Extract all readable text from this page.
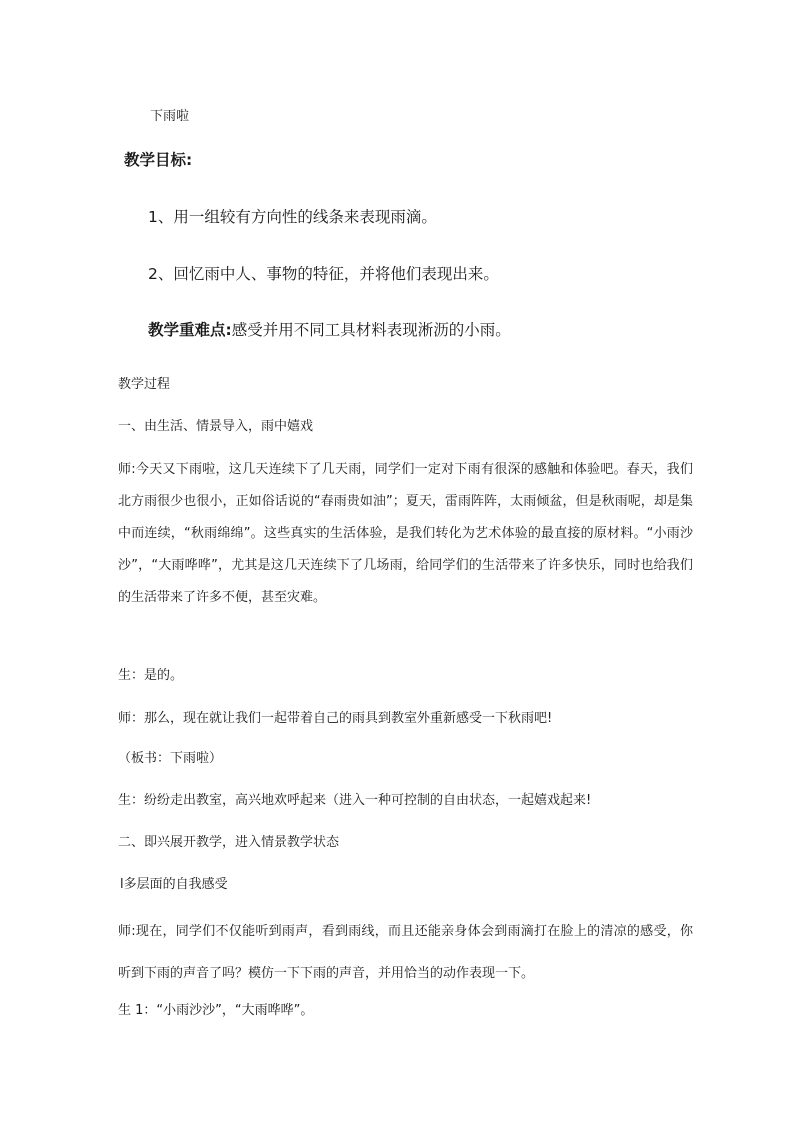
下雨啦
教学目标:
1、用一组较有方向性的线条来表现雨滴。
2、回忆雨中人、事物的特征，并将他们表现出来。
教学重难点:感受并用不同工具材料表现淅沥的小雨。
教学过程
一、由生活、情景导入，雨中嬉戏
师:今天又下雨啦，这几天连续下了几天雨，同学们一定对下雨有很深的感触和体验吧。春天，我们北方雨很少也很小，正如俗话说的“春雨贵如油”；夏天，雷雨阵阵，太雨倾盆，但是秋雨呢，却是集中而连续，“秋雨绵绵”。这些真实的生活体验，是我们转化为艺术体验的最直接的原材料。“小雨沙沙”，“大雨哗哗”，尤其是这几天连续下了几场雨，给同学们的生活带来了许多快乐，同时也给我们的生活带来了许多不便，甚至灾难。
生：是的。
师：那么，现在就让我们一起带着自己的雨具到教室外重新感受一下秋雨吧!
（板书：下雨啦）
生：纷纷走出教室，高兴地欢呼起来（进入一种可控制的自由状态，一起嬉戏起来!
二、即兴展开教学，进入情景教学状态
l多层面的自我感受
师:现在，同学们不仅能听到雨声，看到雨线，而且还能亲身体会到雨滴打在脸上的清凉的感受，你听到下雨的声音了吗？模仿一下下雨的声音，并用恰当的动作表现一下。
生 1：“小雨沙沙”，“大雨哗哗”。
